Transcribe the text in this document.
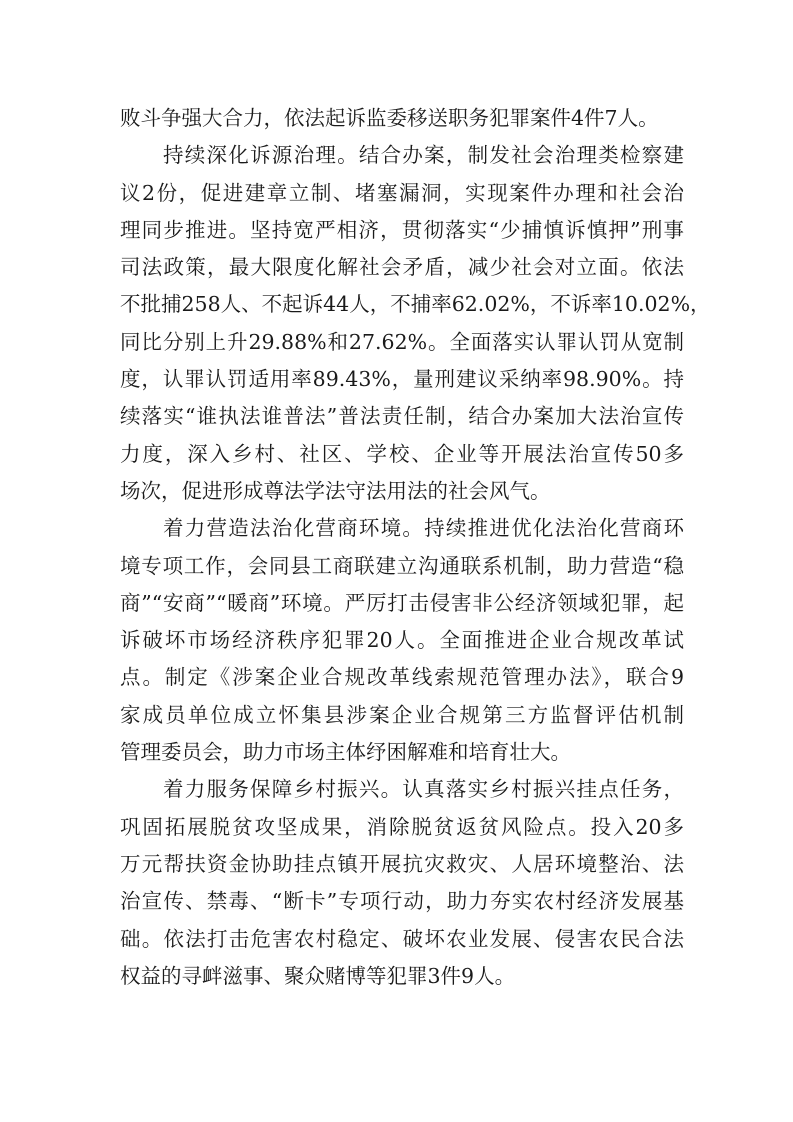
败斗争强大合力，依法起诉监委移送职务犯罪案件4件7人。
持续深化诉源治理。结合办案，制发社会治理类检察建
议2份，促进建章立制、堵塞漏洞，实现案件办理和社会治
理同步推进。坚持宽严相济，贯彻落实“少捕慎诉慎押”刑事
司法政策，最大限度化解社会矛盾，减少社会对立面。依法
不批捕258人、不起诉44人，不捕率62.02%，不诉率10.02%，
同比分别上升29.88%和27.62%。全面落实认罪认罚从宽制
度，认罪认罚适用率89.43%，量刑建议采纳率98.90%。持
续落实“谁执法谁普法”普法责任制，结合办案加大法治宣传
力度，深入乡村、社区、学校、企业等开展法治宣传50多
场次，促进形成尊法学法守法用法的社会风气。
着力营造法治化营商环境。持续推进优化法治化营商环
境专项工作，会同县工商联建立沟通联系机制，助力营造“稳
商”“安商”“暖商”环境。严厉打击侵害非公经济领域犯罪，起
诉破坏市场经济秩序犯罪20人。全面推进企业合规改革试
点。制定《涉案企业合规改革线索规范管理办法》，联合9
家成员单位成立怀集县涉案企业合规第三方监督评估机制
管理委员会，助力市场主体纾困解难和培育壮大。
着力服务保障乡村振兴。认真落实乡村振兴挂点任务，
巩固拓展脱贫攻坚成果，消除脱贫返贫风险点。投入20多
万元帮扶资金协助挂点镇开展抗灾救灾、人居环境整治、法
治宣传、禁毒、“断卡”专项行动，助力夯实农村经济发展基
础。依法打击危害农村稳定、破坏农业发展、侵害农民合法
权益的寻衅滋事、聚众赌博等犯罪3件9人。
